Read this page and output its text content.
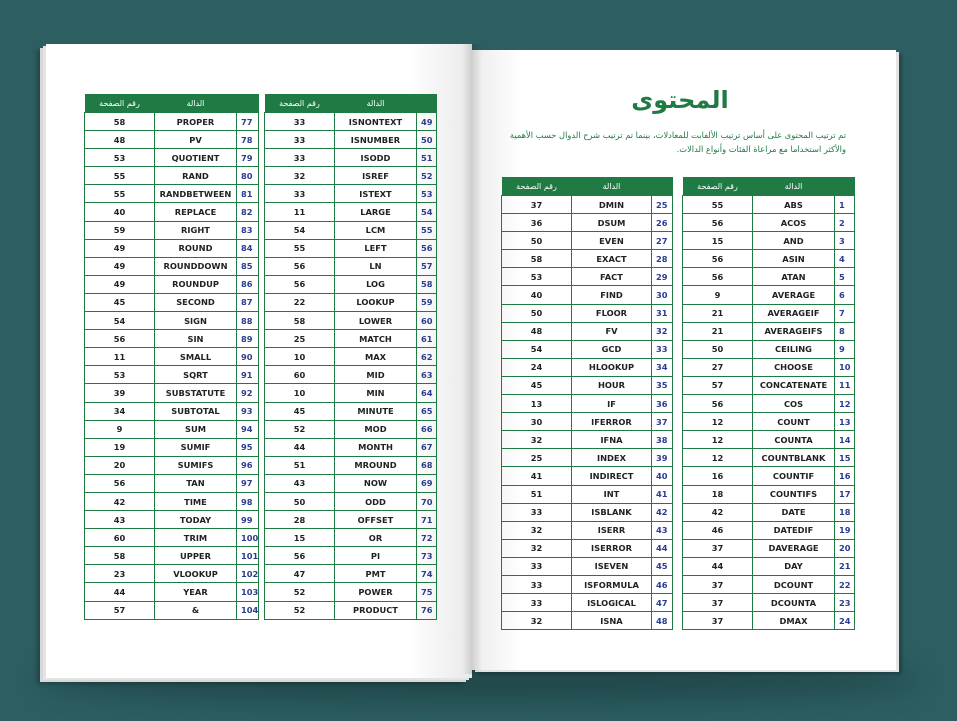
المحتوى
تم ترتيب المحتوى على أساس ترتيب الألفابت للمعادلات، بينما تم ترتيب شرح الدوال حسب الأهمية والأكثر استخداما مع مراعاة الفئات وأنواع الدالات.
رقم الصفحة	الدالة	

33	ISNONTEXT	49
33	ISNUMBER	50
33	ISODD	51
32	ISREF	52
33	ISTEXT	53
11	LARGE	54
54	LCM	55
55	LEFT	56
56	LN	57
56	LOG	58
22	LOOKUP	59
58	LOWER	60
25	MATCH	61
10	MAX	62
60	MID	63
10	MIN	64
45	MINUTE	65
52	MOD	66
44	MONTH	67
51	MROUND	68
43	NOW	69
50	ODD	70
28	OFFSET	71
15	OR	72
56	PI	73
47	PMT	74
52	POWER	75
52	PRODUCT	76
رقم الصفحة	الدالة	

58	PROPER	77
48	PV	78
53	QUOTIENT	79
55	RAND	80
55	RANDBETWEEN	81
40	REPLACE	82
59	RIGHT	83
49	ROUND	84
49	ROUNDDOWN	85
49	ROUNDUP	86
45	SECOND	87
54	SIGN	88
56	SIN	89
11	SMALL	90
53	SQRT	91
39	SUBSTATUTE	92
34	SUBTOTAL	93
9	SUM	94
19	SUMIF	95
20	SUMIFS	96
56	TAN	97
42	TIME	98
43	TODAY	99
60	TRIM	100
58	UPPER	101
23	VLOOKUP	102
44	YEAR	103
57	&	104
رقم الصفحة	الدالة	

37	DMIN	25
36	DSUM	26
50	EVEN	27
58	EXACT	28
53	FACT	29
40	FIND	30
50	FLOOR	31
48	FV	32
54	GCD	33
24	HLOOKUP	34
45	HOUR	35
13	IF	36
30	IFERROR	37
32	IFNA	38
25	INDEX	39
41	INDIRECT	40
51	INT	41
33	ISBLANK	42
32	ISERR	43
32	ISERROR	44
33	ISEVEN	45
33	ISFORMULA	46
33	ISLOGICAL	47
32	ISNA	48
رقم الصفحة	الدالة	

55	ABS	1
56	ACOS	2
15	AND	3
56	ASIN	4
56	ATAN	5
9	AVERAGE	6
21	AVERAGEIF	7
21	AVERAGEIFS	8
50	CEILING	9
27	CHOOSE	10
57	CONCATENATE	11
56	COS	12
12	COUNT	13
12	COUNTA	14
12	COUNTBLANK	15
16	COUNTIF	16
18	COUNTIFS	17
42	DATE	18
46	DATEDIF	19
37	DAVERAGE	20
44	DAY	21
37	DCOUNT	22
37	DCOUNTA	23
37	DMAX	24
